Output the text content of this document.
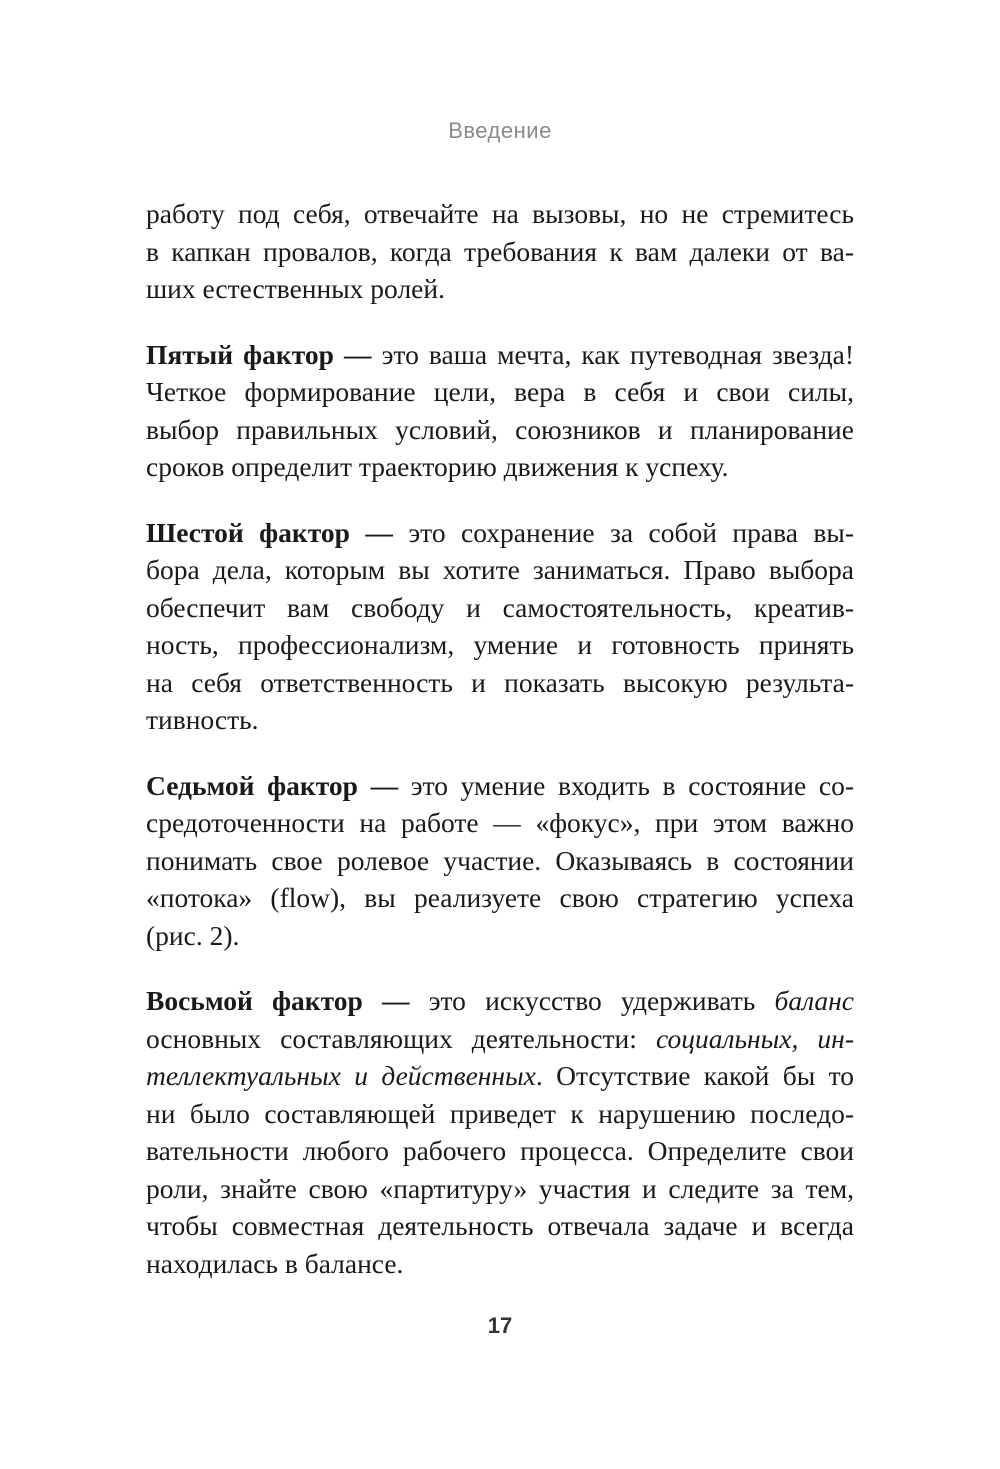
Введение

работу под себя, отвечайте на вызовы, но не стремитесь
в капкан провалов, когда требования к вам далеки от ва-
ших естественных ролей.

Пятый фактор — это ваша мечта, как путеводная звезда!
Четкое формирование цели, вера в себя и свои силы,
выбор правильных условий, союзников и планирование
сроков определит траекторию движения к успеху.

Шестой фактор — это сохранение за собой права вы-
бора дела, которым вы хотите заниматься. Право выбора
обеспечит вам свободу и самостоятельность, креатив-
ность, профессионализм, умение и готовность принять
на себя ответственность и показать высокую результа-
тивность.

Седьмой фактор — это умение входить в состояние со-
средоточенности на работе — «фокус», при этом важно
понимать свое ролевое участие. Оказываясь в состоянии
«потока» (flow), вы реализуете свою стратегию успеха
(рис. 2).

Восьмой фактор — это искусство удерживать баланс
основных составляющих деятельности: социальных, ин-
теллектуальных и действенных. Отсутствие какой бы то
ни было составляющей приведет к нарушению последо-
вательности любого рабочего процесса. Определите свои
роли, знайте свою «партитуру» участия и следите за тем,
чтобы совместная деятельность отвечала задаче и всегда
находилась в балансе.

17
